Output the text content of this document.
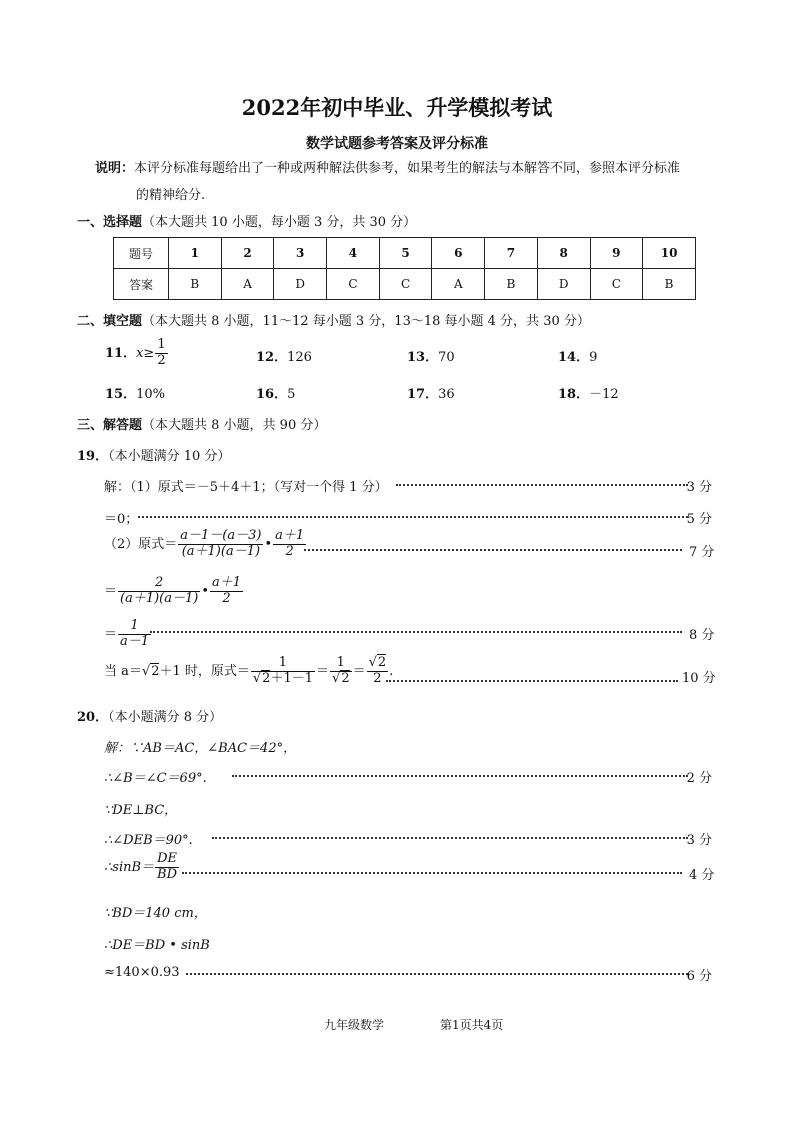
2022年初中毕业、升学模拟考试
数学试题参考答案及评分标准
说明：本评分标准每题给出了一种或两种解法供参考，如果考生的解法与本解答不同，参照本评分标准
的精神给分.
一、选择题（本大题共 10 小题，每小题 3 分，共 30 分）
题号	1	2	3	4	5	6	7	8	9	10
答案	B	A	D	C	C	A	B	D	C	B
二、填空题（本大题共 8 小题，11～12 每小题 3 分，13～18 每小题 4 分，共 30 分）
11．$x\ge \frac{1}{2}$	12．126	13．70	14．9
15．10%	16．5	17．36	18．－12
三、解答题（本大题共 8 小题，共 90 分）
19．（本小题满分 10 分）
解：（1）原式＝－5＋4＋1；（写对一个得 1 分）	3 分
＝0；	5 分
（2）原式＝ $\frac{a-1-(a-3)}{(a+1)(a-1)}$ • $\frac{a+1}{2}$	7 分
＝ $\frac{2}{(a+1)(a-1)}$ • $\frac{a+1}{2}$
＝ $\frac{1}{a-1}$	8 分
当 a＝√2＋1 时，原式＝ $\frac{1}{√2+1-1} = \frac{1}{√2} = \frac{√2}{2}$ .	10 分
20．（本小题满分 8 分）
解：∵AB＝AC，∠BAC＝42°，
∴∠B＝∠C＝69°.	2 分
∵DE⊥BC，
∴∠DEB＝90°.	3 分
∴sinB＝ $\frac{DE}{BD}$	4 分
∵BD＝140 cm，
∴DE＝BD • sinB
≈140×0.93	6 分
九年级数学	第1页共4页
